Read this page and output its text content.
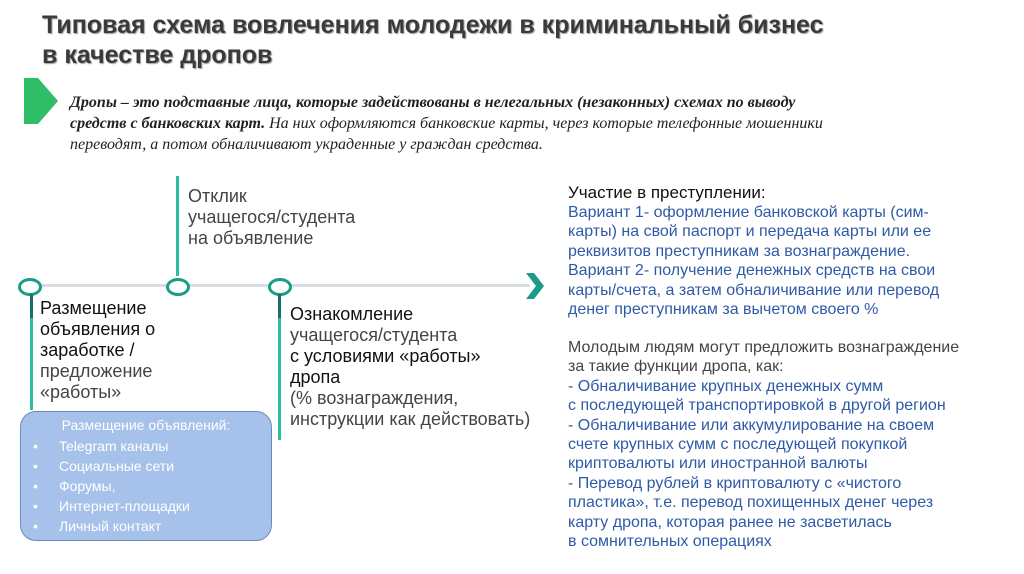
Типовая схема вовлечения молодежи в криминальный бизнес
в качестве дропов
Дропы – это подставные лица, которые задействованы в нелегальных (незаконных) схемах по выводу
средств с банковских карт. На них оформляются банковские карты, через которые телефонные мошенники
переводят, а потом обналичивают украденные у граждан средства.
Отклик
учащегося/студента
на объявление
Размещение
объявления о
заработке /
предложение
«работы»
Ознакомление
учащегося/студента
с условиями «работы»
дропа
(% вознаграждения,
инструкции как действовать)
Размещение объявлений:
• Telegram каналы
• Социальные сети
• Форумы,
• Интернет-площадки
• Личный контакт
Участие в преступлении:
Вариант 1- оформление банковской карты (сим-
карты) на свой паспорт и передача карты или ее
реквизитов преступникам за вознаграждение.
Вариант 2- получение денежных средств на свои
карты/счета, а затем обналичивание или перевод
денег преступникам за вычетом своего %
Молодым людям могут предложить вознаграждение
за такие функции дропа, как:
- Обналичивание крупных денежных сумм
с последующей транспортировкой в другой регион
- Обналичивание или аккумулирование на своем
счете крупных сумм с последующей покупкой
криптовалюты или иностранной валюты
- Перевод рублей в криптовалюту с «чистого
пластика», т.е. перевод похищенных денег через
карту дропа, которая ранее не засветилась
в сомнительных операциях
